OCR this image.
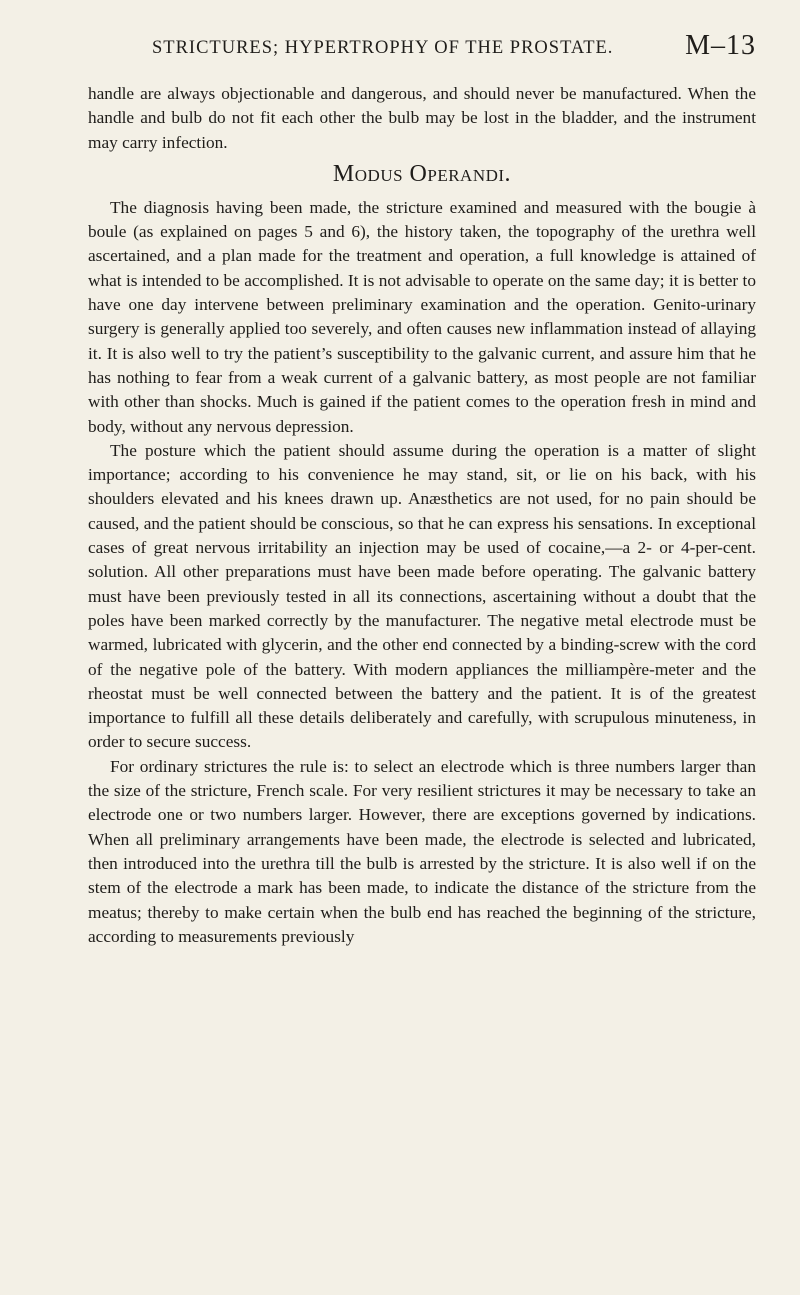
STRICTURES; HYPERTROPHY OF THE PROSTATE.	M–13

handle are always objectionable and dangerous, and should never be manufactured. When the handle and bulb do not fit each other the bulb may be lost in the bladder, and the instrument may carry infection.

Modus Operandi.

The diagnosis having been made, the stricture examined and measured with the bougie à boule (as explained on pages 5 and 6), the history taken, the topography of the urethra well ascertained, and a plan made for the treatment and operation, a full knowledge is attained of what is intended to be accomplished. It is not advisable to operate on the same day; it is better to have one day intervene between preliminary examination and the operation. Genito-urinary surgery is generally applied too severely, and often causes new inflammation instead of allaying it. It is also well to try the patient’s susceptibility to the galvanic current, and assure him that he has nothing to fear from a weak current of a galvanic battery, as most people are not familiar with other than shocks. Much is gained if the patient comes to the operation fresh in mind and body, without any nervous depression.

The posture which the patient should assume during the operation is a matter of slight importance; according to his convenience he may stand, sit, or lie on his back, with his shoulders elevated and his knees drawn up. Anæsthetics are not used, for no pain should be caused, and the patient should be conscious, so that he can express his sensations. In exceptional cases of great nervous irritability an injection may be used of cocaine,—a 2- or 4-per-cent. solution. All other preparations must have been made before operating. The galvanic battery must have been previously tested in all its connections, ascertaining without a doubt that the poles have been marked correctly by the manufacturer. The negative metal electrode must be warmed, lubricated with glycerin, and the other end connected by a binding-screw with the cord of the negative pole of the battery. With modern appliances the milliampère-meter and the rheostat must be well connected between the battery and the patient. It is of the greatest importance to fulfill all these details deliberately and carefully, with scrupulous minuteness, in order to secure success.

For ordinary strictures the rule is: to select an electrode which is three numbers larger than the size of the stricture, French scale. For very resilient strictures it may be necessary to take an electrode one or two numbers larger. However, there are exceptions governed by indications. When all preliminary arrangements have been made, the electrode is selected and lubricated, then introduced into the urethra till the bulb is arrested by the stricture. It is also well if on the stem of the electrode a mark has been made, to indicate the distance of the stricture from the meatus; thereby to make certain when the bulb end has reached the beginning of the stricture, according to measurements previously
